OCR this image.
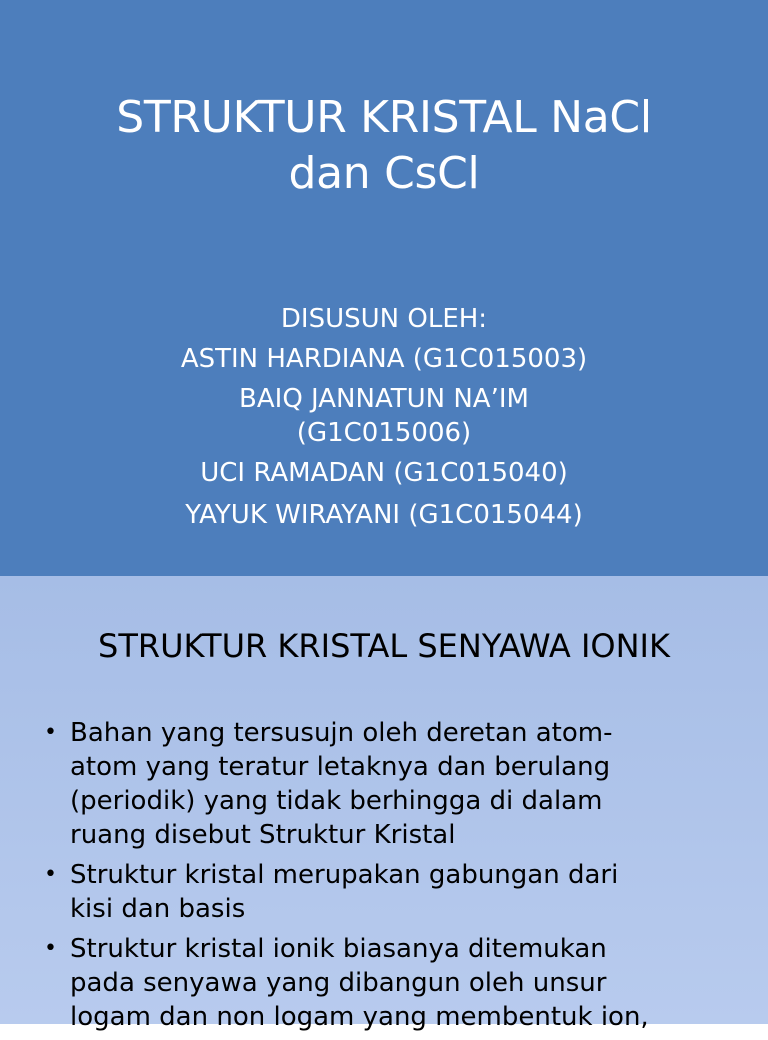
STRUKTUR KRISTAL NaCl
dan CsCl
DISUSUN OLEH:
ASTIN HARDIANA (G1C015003)
BAIQ JANNATUN NA’IM
(G1C015006)
UCI RAMADAN (G1C015040)
YAYUK WIRAYANI (G1C015044)
STRUKTUR KRISTAL SENYAWA IONIK
• Bahan yang tersusujn oleh deretan atom-
atom yang teratur letaknya dan berulang
(periodik) yang tidak berhingga di dalam
ruang disebut Struktur Kristal
• Struktur kristal merupakan gabungan dari
kisi dan basis
• Struktur kristal ionik biasanya ditemukan
pada senyawa yang dibangun oleh unsur
logam dan non logam yang membentuk ion,
